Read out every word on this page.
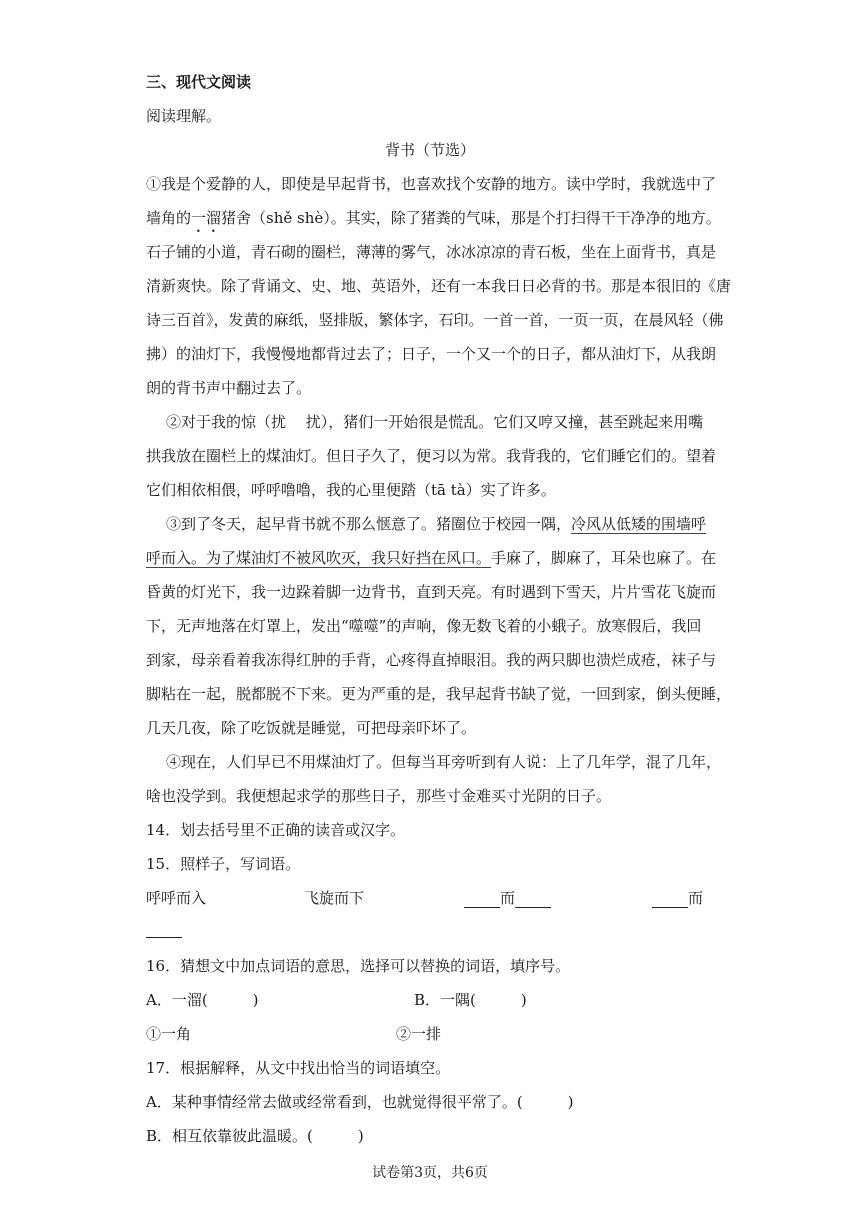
三、现代文阅读
阅读理解。
背书（节选）
①我是个爱静的人，即使是早起背书，也喜欢找个安静的地方。读中学时，我就选中了
墙角的一溜猪舍（shě shè）。其实，除了猪粪的气味，那是个打扫得干干净净的地方。
石子铺的小道，青石砌的圈栏，薄薄的雾气，冰冰凉凉的青石板，坐在上面背书，真是
清新爽快。除了背诵文、史、地、英语外，还有一本我日日必背的书。那是本很旧的《唐
诗三百首》，发黄的麻纸，竖排版，繁体字，石印。一首一首，一页一页，在晨风轻（佛
拂）的油灯下，我慢慢地都背过去了；日子，一个又一个的日子，都从油灯下，从我朗
朗的背书声中翻过去了。
②对于我的惊（扰　 扰），猪们一开始很是慌乱。它们又哼又撞，甚至跳起来用嘴
拱我放在圈栏上的煤油灯。但日子久了，便习以为常。我背我的，它们睡它们的。望着
它们相依相偎，呼呼噜噜，我的心里便踏（tā tà）实了许多。
③到了冬天，起早背书就不那么惬意了。猪圈位于校园一隅，冷风从低矮的围墙呼
呼而入。为了煤油灯不被风吹灭，我只好挡在风口。手麻了，脚麻了，耳朵也麻了。在
昏黄的灯光下，我一边跺着脚一边背书，直到天亮。有时遇到下雪天，片片雪花飞旋而
下，无声地落在灯罩上，发出“噬噬”的声响，像无数飞着的小蛾子。放寒假后，我回
到家，母亲看着我冻得红肿的手背，心疼得直掉眼泪。我的两只脚也溃烂成疮，袜子与
脚粘在一起，脱都脱不下来。更为严重的是，我早起背书缺了觉，一回到家，倒头便睡，
几天几夜，除了吃饭就是睡觉，可把母亲吓坏了。
④现在，人们早已不用煤油灯了。但每当耳旁听到有人说：上了几年学，混了几年，
啥也没学到。我便想起求学的那些日子，那些寸金难买寸光阴的日子。
14．划去括号里不正确的读音或汉字。
15．照样子，写词语。
呼呼而入	飞旋而下	而	而
16．猜想文中加点词语的意思，选择可以替换的词语，填序号。
A．一溜(　　　)	B．一隅(　　　)
①一角	②一排
17．根据解释，从文中找出恰当的词语填空。
A．某种事情经常去做或经常看到，也就觉得很平常了。(　　　)
B．相互依靠彼此温暖。(　　　)
试卷第3页，共6页
